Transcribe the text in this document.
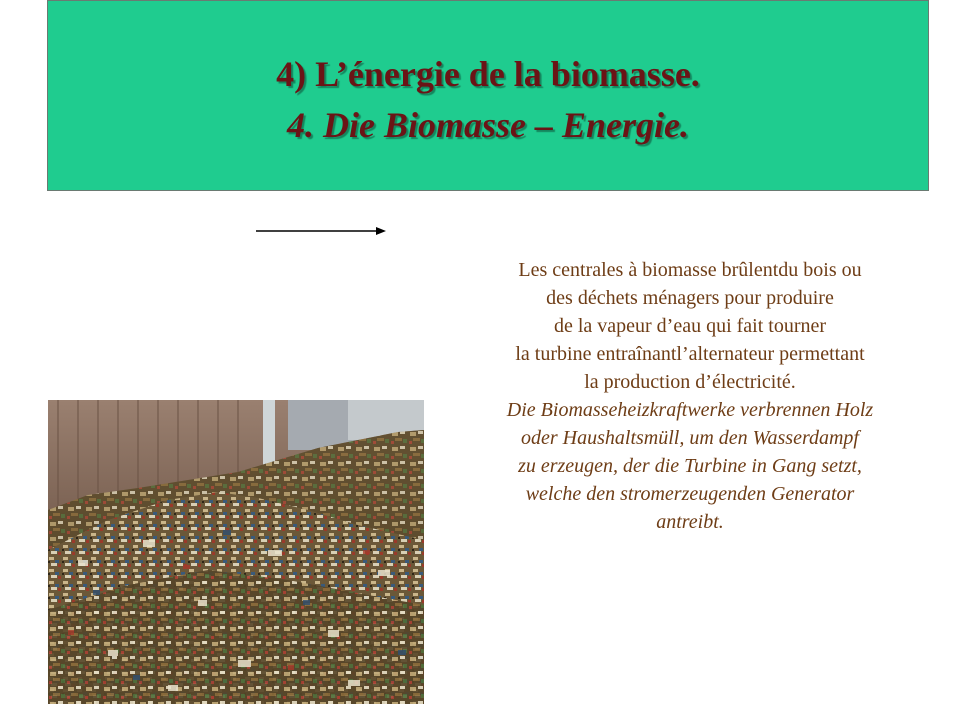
4) L’énergie de la biomasse.
4. Die Biomasse – Energie.

Les centrales à biomasse brûlentdu bois ou

des déchets ménagers pour produire

de la vapeur d’eau qui fait tourner

la turbine entraînantl’alternateur permettant

la production d’électricité.

Die Biomasseheizkraftwerke verbrennen Holz

oder Haushaltsmüll, um den Wasserdampf

zu erzeugen, der die Turbine in Gang setzt,

welche den stromerzeugenden Generator

antreibt.
